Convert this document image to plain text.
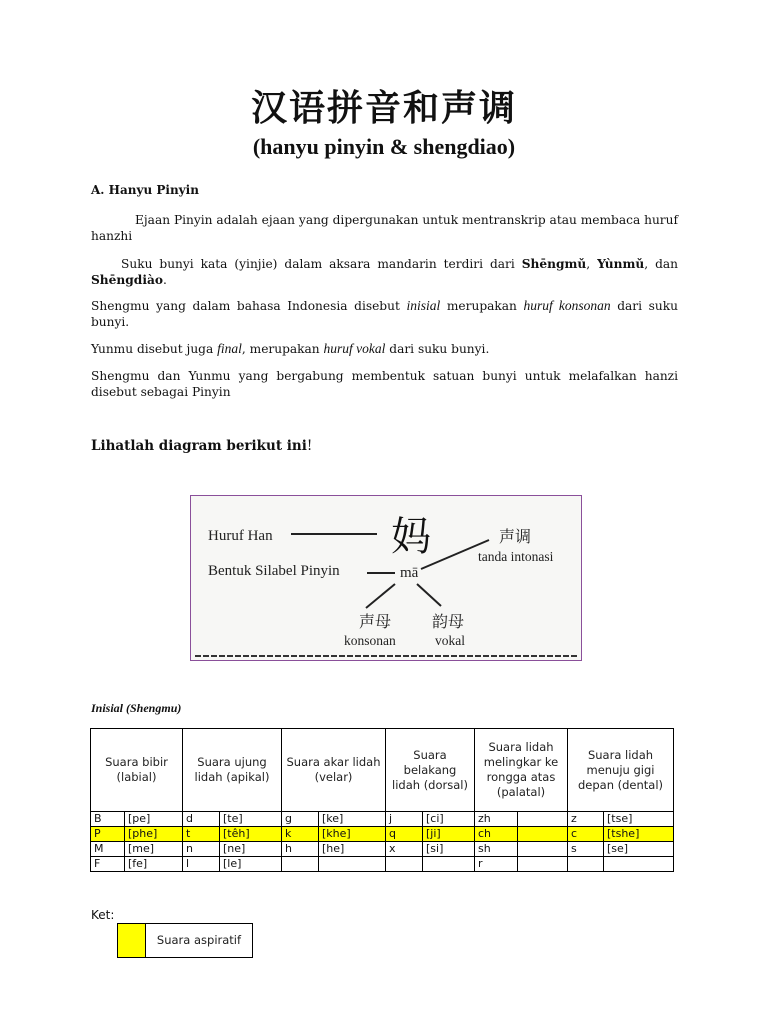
汉语拼音和声调
(hanyu pinyin & shengdiao)
A. Hanyu Pinyin
Ejaan Pinyin adalah ejaan yang dipergunakan untuk mentranskrip atau membaca huruf hanzhi
Suku bunyi kata (yinjie) dalam aksara mandarin terdiri dari Shēngmǔ, Yùnmǔ, dan Shēngdiào.
Shengmu yang dalam bahasa Indonesia disebut inisial merupakan huruf konsonan dari suku bunyi.
Yunmu disebut juga final, merupakan huruf vokal dari suku bunyi.
Shengmu dan Yunmu yang bergabung membentuk satuan bunyi untuk melafalkan hanzi disebut sebagai Pinyin
Lihatlah diagram berikut ini!
Huruf Han	妈	声调
tanda intonasi
Bentuk Silabel Pinyin	mā
声母
konsonan
韵母
vokal
Inisial (Shengmu)
Suara bibir (labial)		Suara ujung lidah (apikal)		Suara akar lidah (velar)		Suara belakang lidah (dorsal)		Suara lidah melingkar ke rongga atas (palatal)		Suara lidah menuju gigi depan (dental)	
B	[pe]	d	[te]	g	[ke]	j	[ci]	zh		z	[tse]
P	[phe]	t	[têh]	k	[khe]	q	[ji]	ch		c	[tshe]
M	[me]	n	[ne]	h	[he]	x	[si]	sh		s	[se]
F	[fe]	l	[le]					r			
Ket:
	Suara aspiratif
